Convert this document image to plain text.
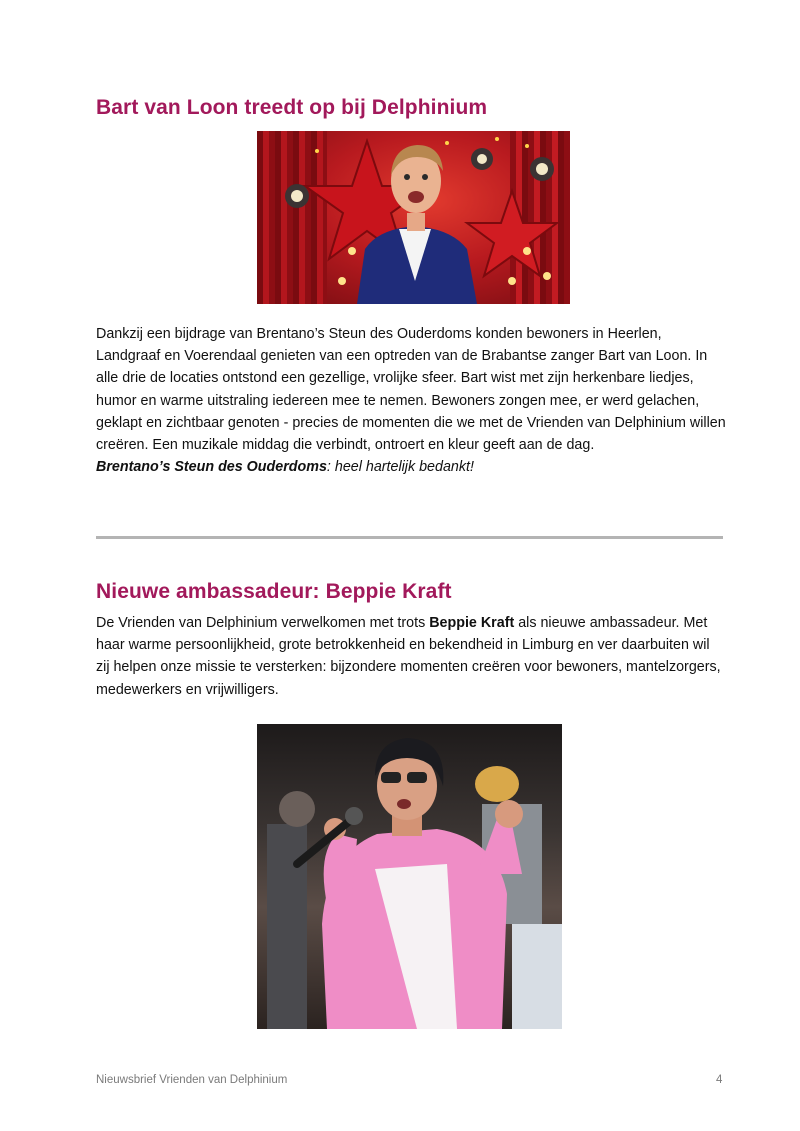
Bart van Loon treedt op bij Delphinium

Dankzij een bijdrage van Brentano’s Steun des Ouderdoms konden bewoners in Heerlen, Landgraaf en Voerendaal genieten van een optreden van de Brabantse zanger Bart van Loon. In alle drie de locaties ontstond een gezellige, vrolijke sfeer. Bart wist met zijn herkenbare liedjes, humor en warme uitstraling iedereen mee te nemen. Bewoners zongen mee, er werd gelachen, geklapt en zichtbaar genoten - precies de momenten die we met de Vrienden van Delphinium willen creëren. Een muzikale middag die verbindt, ontroert en kleur geeft aan de dag.
Brentano’s Steun des Ouderdoms: heel hartelijk bedankt!

Nieuwe ambassadeur: Beppie Kraft

De Vrienden van Delphinium verwelkomen met trots Beppie Kraft als nieuwe ambassadeur. Met haar warme persoonlijkheid, grote betrokkenheid en bekendheid in Limburg en ver daarbuiten wil zij helpen onze missie te versterken: bijzondere momenten creëren voor bewoners, mantelzorgers, medewerkers en vrijwilligers.

Nieuwsbrief Vrienden van Delphinium	4
